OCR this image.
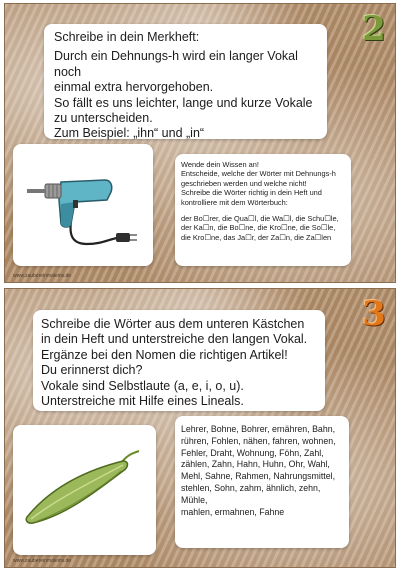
2

Schreibe in dein Merkheft:

Durch ein Dehnungs-h wird ein langer Vokal noch

einmal extra hervorgehoben.

So fällt es uns leichter, lange und kurze Vokale

zu unterscheiden.

Zum Beispiel: „ihn“ und „in“

Wende dein Wissen an!

Entscheide, welche der Wörter mit Dehnungs-h

geschrieben werden und welche nicht!

Schreibe die Wörter richtig in dein Heft und

kontrolliere mit dem Wörterbuch:

der Bo☐rer, die Qua☐l, die Wa☐l, die Schu☐le,

der Ka☐n, die Bo☐ne, die Kro☐ne, die So☐le,

die Kro☐ne, das Ja☐r, der Za☐n, die Za☐len

www.zaubereinmaleins.de
3

Schreibe die Wörter aus dem unteren Kästchen

in dein Heft und unterstreiche den langen Vokal.

Ergänze bei den Nomen die richtigen Artikel!

Du erinnerst dich?

Vokale sind Selbstlaute (a, e, i, o, u).

Unterstreiche mit Hilfe eines Lineals.

Lehrer, Bohne, Bohrer, ernähren, Bahn,

rühren, Fohlen, nähen, fahren, wohnen,

Fehler, Draht, Wohnung, Föhn, Zahl,

zählen, Zahn, Hahn, Huhn, Ohr, Wahl,

Mehl, Sahne, Rahmen, Nahrungsmittel,

stehlen, Sohn, zahm, ähnlich, zehn, Mühle,

mahlen, ermahnen, Fahne

www.zaubereinmaleins.de
